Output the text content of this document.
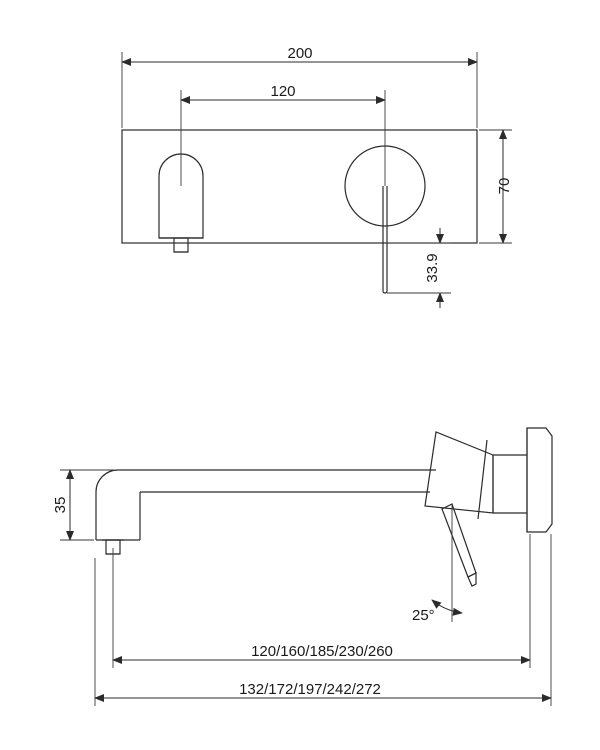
200
120
70
33.9
35
25°
120/160/185/230/260
132/172/197/242/272
